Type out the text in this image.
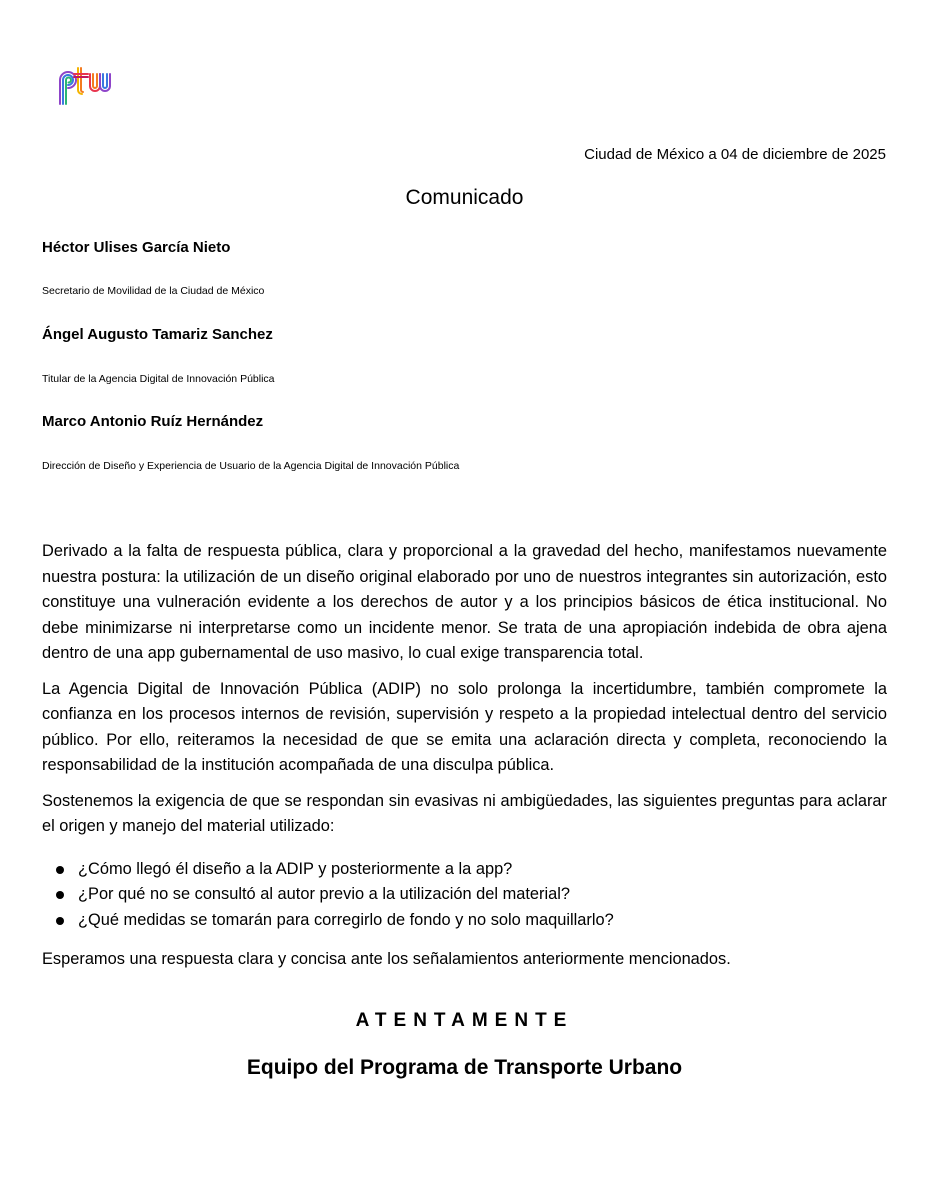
Ciudad de México a 04 de diciembre de 2025

Comunicado

Héctor Ulises García Nieto

Secretario de Movilidad de la Ciudad de México

Ángel Augusto Tamariz Sanchez

Titular de la Agencia Digital de Innovación Pública

Marco Antonio Ruíz Hernández

Dirección de Diseño y Experiencia de Usuario de la Agencia Digital de Innovación Pública

Derivado a la falta de respuesta pública, clara y proporcional a la gravedad del hecho, manifestamos nuevamente nuestra postura: la utilización de un diseño original elaborado por uno de nuestros integrantes sin autorización, esto constituye una vulneración evidente a los derechos de autor y a los principios básicos de ética institucional. No debe minimizarse ni interpretarse como un incidente menor. Se trata de una apropiación indebida de obra ajena dentro de una app gubernamental de uso masivo, lo cual exige transparencia total.

La Agencia Digital de Innovación Pública (ADIP) no solo prolonga la incertidumbre, también compromete la confianza en los procesos internos de revisión, supervisión y respeto a la propiedad intelectual dentro del servicio público. Por ello, reiteramos la necesidad de que se emita una aclaración directa y completa, reconociendo la responsabilidad de la institución acompañada de una disculpa pública.

Sostenemos la exigencia de que se respondan sin evasivas ni ambigüedades, las siguientes preguntas para aclarar el origen y manejo del material utilizado:

¿Cómo llegó él diseño a la ADIP y posteriormente a la app?
¿Por qué no se consultó al autor previo a la utilización del material?
¿Qué medidas se tomarán para corregirlo de fondo y no solo maquillarlo?

Esperamos una respuesta clara y concisa ante los señalamientos anteriormente mencionados.

ATENTAMENTE

Equipo del Programa de Transporte Urbano
